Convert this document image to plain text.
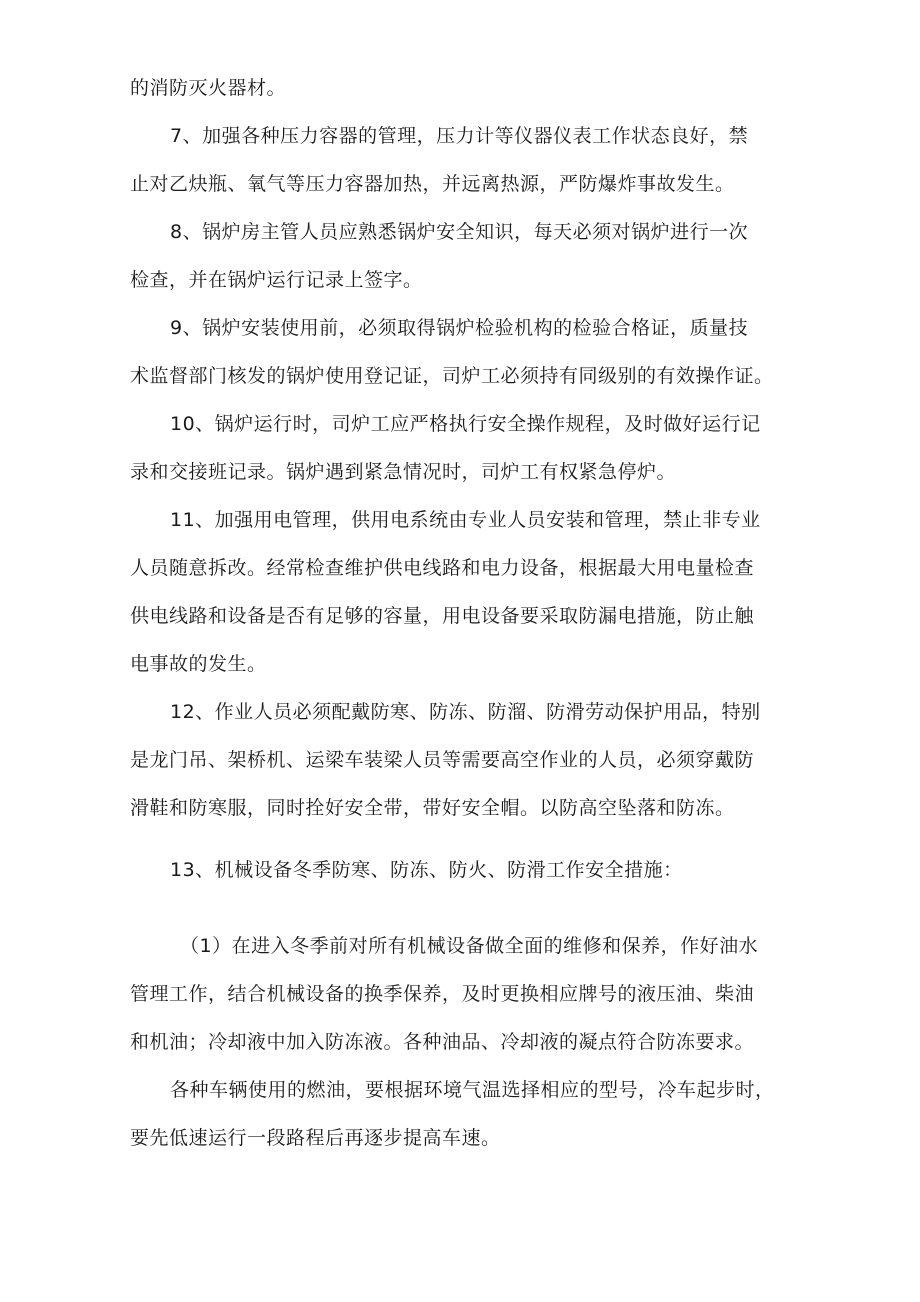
的消防灭火器材。
7、加强各种压力容器的管理，压力计等仪器仪表工作状态良好，禁
止对乙炔瓶、氧气等压力容器加热，并远离热源，严防爆炸事故发生。
8、锅炉房主管人员应熟悉锅炉安全知识，每天必须对锅炉进行一次
检查，并在锅炉运行记录上签字。
9、锅炉安装使用前，必须取得锅炉检验机构的检验合格证，质量技
术监督部门核发的锅炉使用登记证，司炉工必须持有同级别的有效操作证。
10、锅炉运行时，司炉工应严格执行安全操作规程，及时做好运行记
录和交接班记录。锅炉遇到紧急情况时，司炉工有权紧急停炉。
11、加强用电管理，供用电系统由专业人员安装和管理，禁止非专业
人员随意拆改。经常检查维护供电线路和电力设备，根据最大用电量检查
供电线路和设备是否有足够的容量，用电设备要采取防漏电措施，防止触
电事故的发生。
12、作业人员必须配戴防寒、防冻、防溜、防滑劳动保护用品，特别
是龙门吊、架桥机、运梁车装梁人员等需要高空作业的人员，必须穿戴防
滑鞋和防寒服，同时拴好安全带，带好安全帽。以防高空坠落和防冻。
13、机械设备冬季防寒、防冻、防火、防滑工作安全措施：
（1）在进入冬季前对所有机械设备做全面的维修和保养，作好油水
管理工作，结合机械设备的换季保养，及时更换相应牌号的液压油、柴油
和机油；冷却液中加入防冻液。各种油品、冷却液的凝点符合防冻要求。
各种车辆使用的燃油，要根据环境气温选择相应的型号，冷车起步时，
要先低速运行一段路程后再逐步提高车速。
